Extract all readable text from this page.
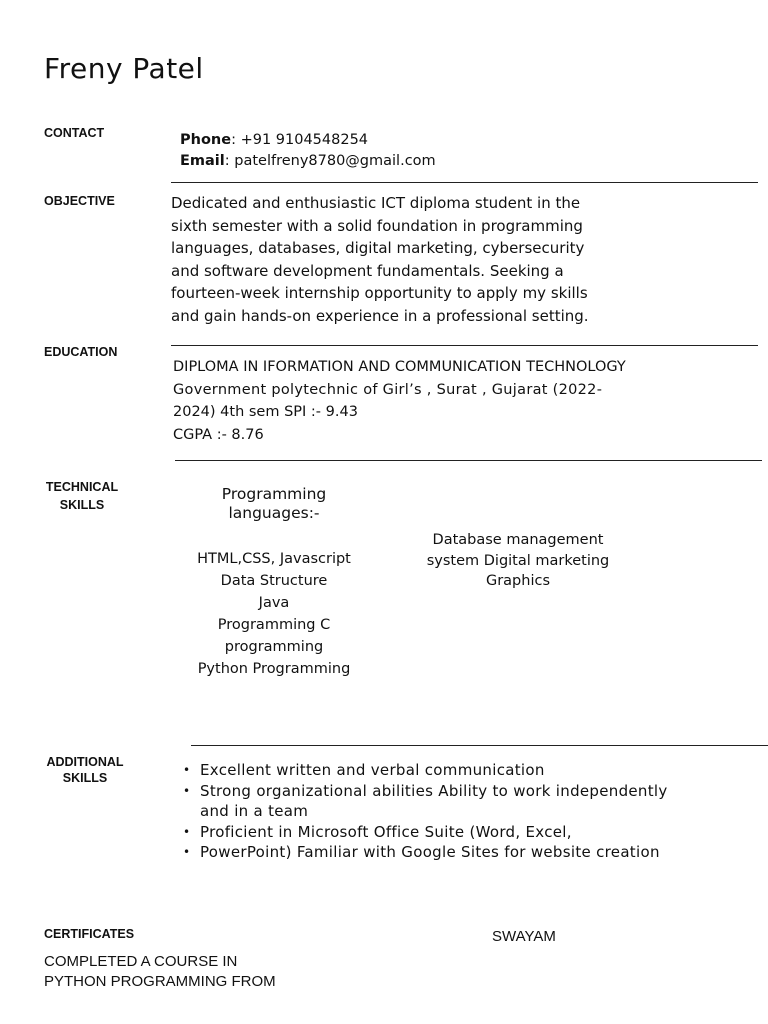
Freny Patel
CONTACT	Phone: +91 9104548254
Email: patelfreny8780@gmail.com
OBJECTIVE	Dedicated and enthusiastic ICT diploma student in the
sixth semester with a solid foundation in programming
languages, databases, digital marketing, cybersecurity
and software development fundamentals. Seeking a
fourteen-week internship opportunity to apply my skills
and gain hands-on experience in a professional setting.
EDUCATION
DIPLOMA IN IFORMATION AND COMMUNICATION TECHNOLOGY
Government polytechnic of Girl’s , Surat , Gujarat (2022-
2024) 4th sem SPI :- 9.43
CGPA :- 8.76
TECHNICAL
SKILLS
Programming
languages:-
HTML,CSS, Javascript
Data Structure
Java
Programming C
programming
Python Programming
Database management
system Digital marketing
Graphics
ADDITIONAL
SKILLS
• Excellent written and verbal communication
• Strong organizational abilities Ability to work independently
and in a team
• Proficient in Microsoft Office Suite (Word, Excel,
• PowerPoint) Familiar with Google Sites for website creation
CERTIFICATES	SWAYAM
COMPLETED A COURSE IN
PYTHON PROGRAMMING FROM
